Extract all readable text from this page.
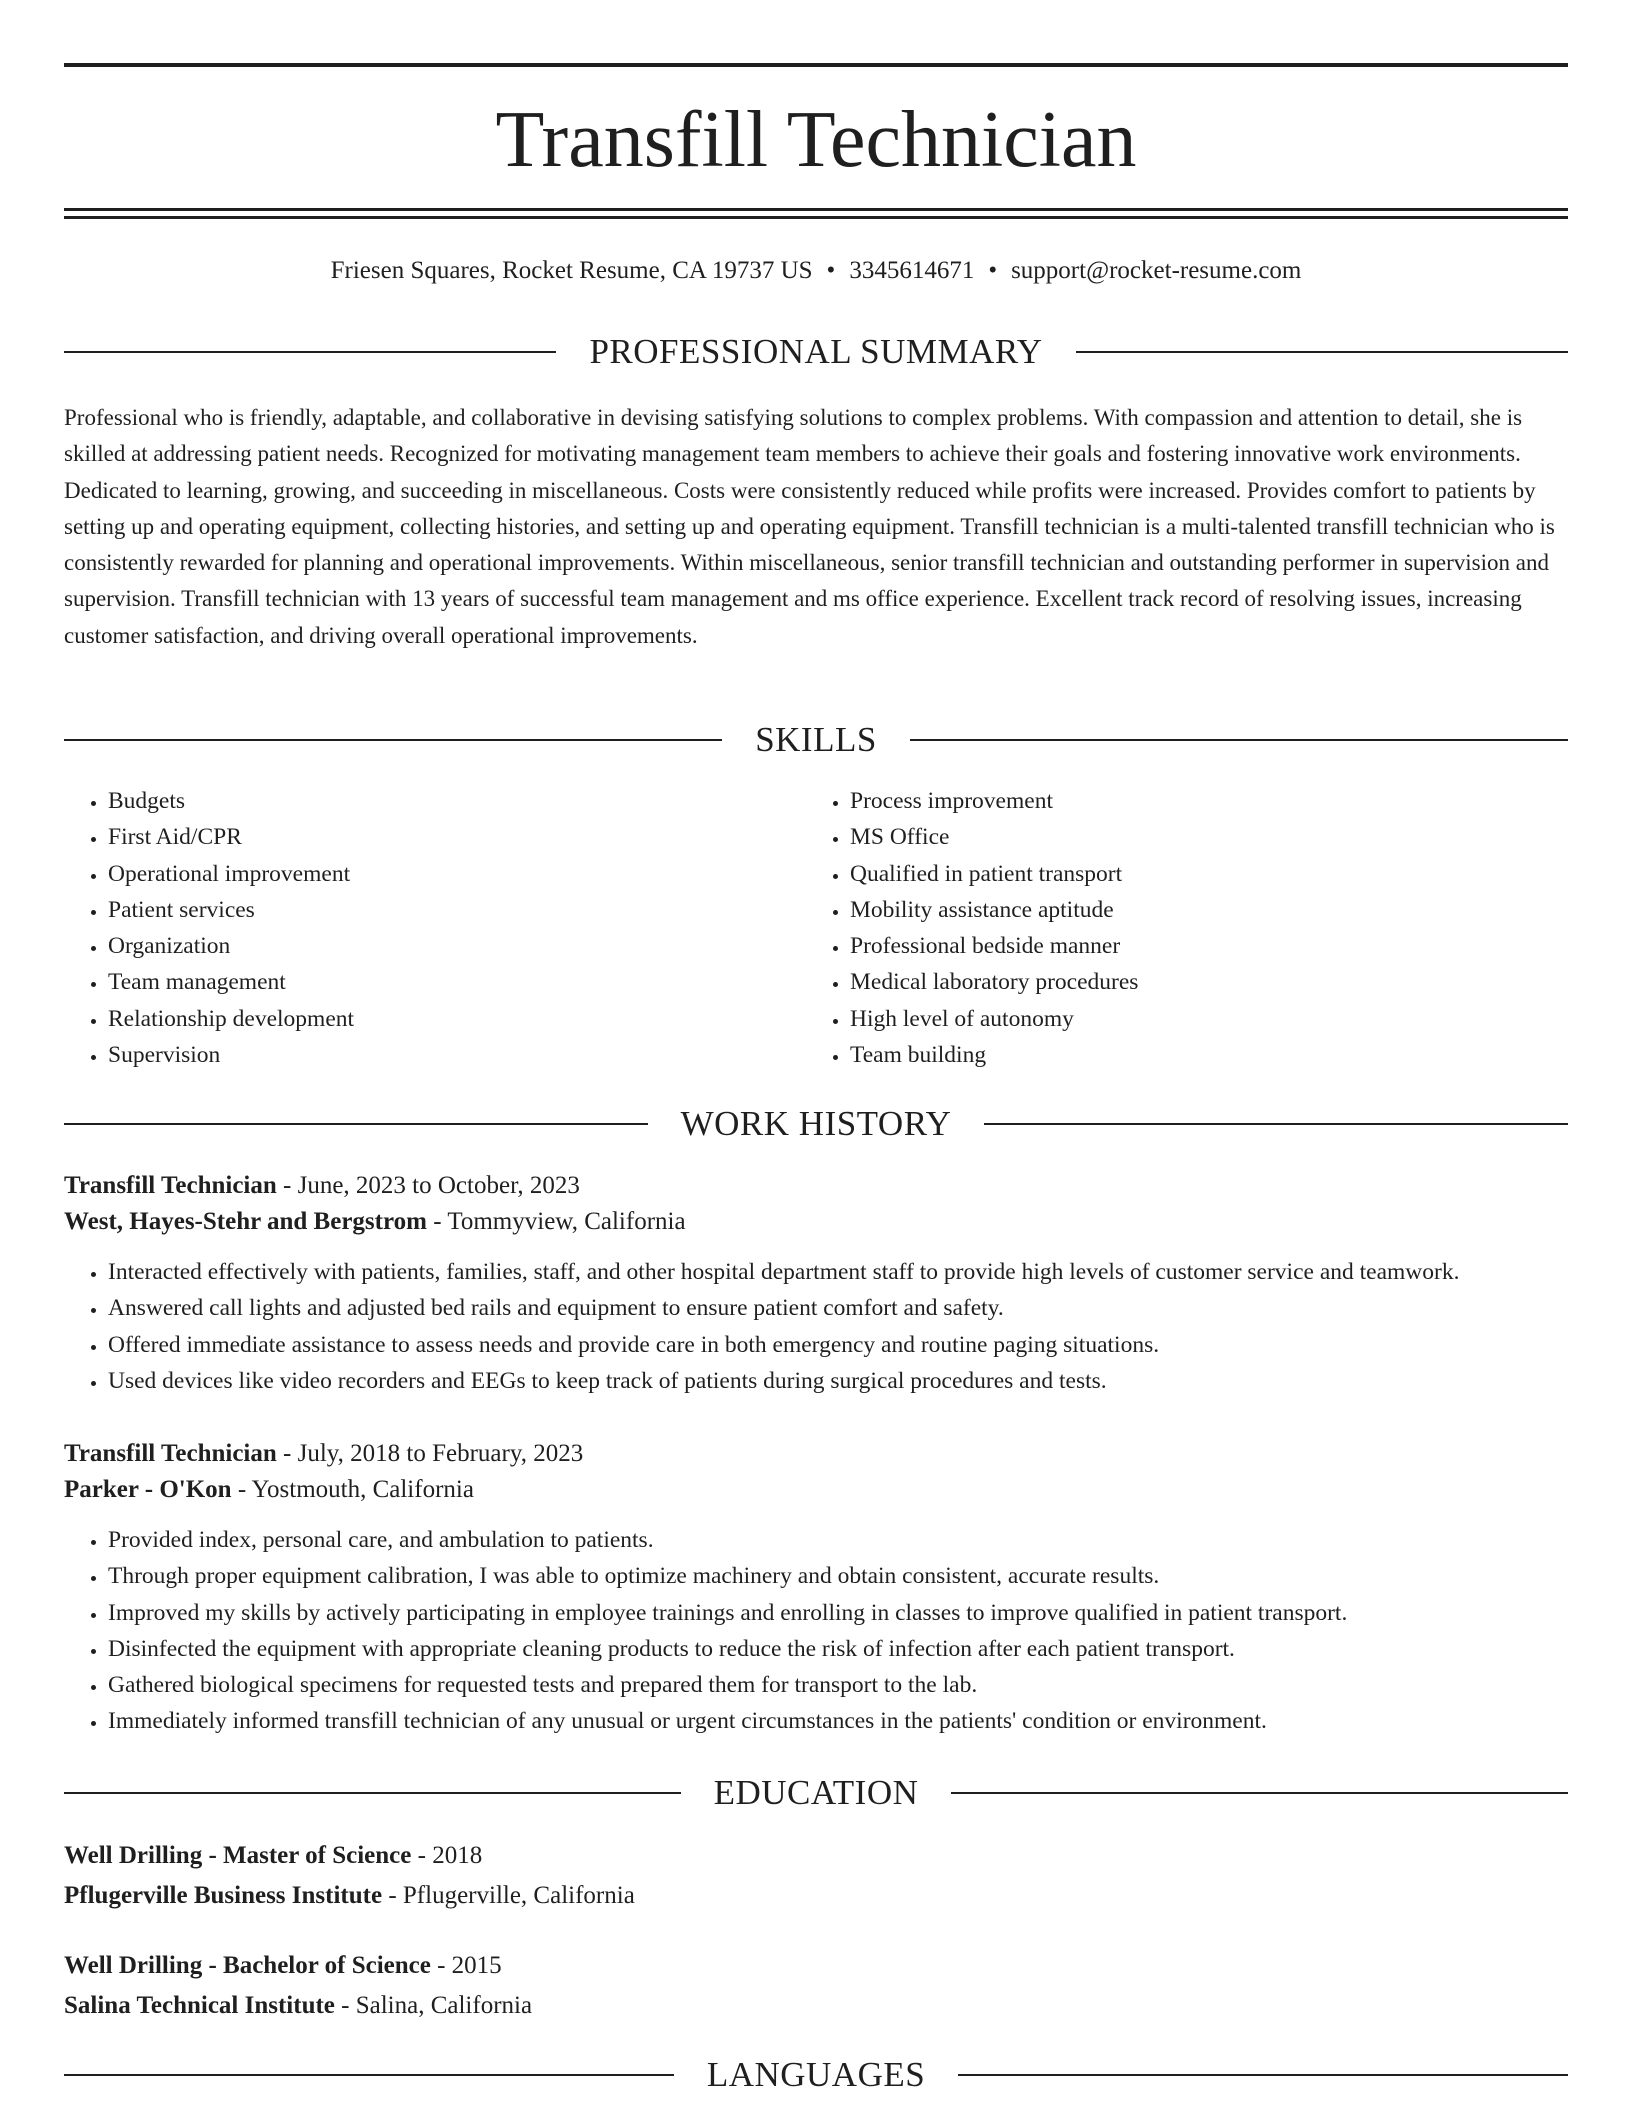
Transfill Technician
Friesen Squares, Rocket Resume, CA 19737 US • 3345614671 • support@rocket-resume.com
PROFESSIONAL SUMMARY
Professional who is friendly, adaptable, and collaborative in devising satisfying solutions to complex problems. With compassion and attention to detail, she is skilled at addressing patient needs. Recognized for motivating management team members to achieve their goals and fostering innovative work environments. Dedicated to learning, growing, and succeeding in miscellaneous. Costs were consistently reduced while profits were increased. Provides comfort to patients by setting up and operating equipment, collecting histories, and setting up and operating equipment. Transfill technician is a multi-talented transfill technician who is consistently rewarded for planning and operational improvements. Within miscellaneous, senior transfill technician and outstanding performer in supervision and supervision. Transfill technician with 13 years of successful team management and ms office experience. Excellent track record of resolving issues, increasing customer satisfaction, and driving overall operational improvements.
SKILLS
• Budgets
• First Aid/CPR
• Operational improvement
• Patient services
• Organization
• Team management
• Relationship development
• Supervision
• Process improvement
• MS Office
• Qualified in patient transport
• Mobility assistance aptitude
• Professional bedside manner
• Medical laboratory procedures
• High level of autonomy
• Team building
WORK HISTORY
Transfill Technician - June, 2023 to October, 2023
West, Hayes-Stehr and Bergstrom - Tommyview, California
• Interacted effectively with patients, families, staff, and other hospital department staff to provide high levels of customer service and teamwork.
• Answered call lights and adjusted bed rails and equipment to ensure patient comfort and safety.
• Offered immediate assistance to assess needs and provide care in both emergency and routine paging situations.
• Used devices like video recorders and EEGs to keep track of patients during surgical procedures and tests.
Transfill Technician - July, 2018 to February, 2023
Parker - O'Kon - Yostmouth, California
• Provided index, personal care, and ambulation to patients.
• Through proper equipment calibration, I was able to optimize machinery and obtain consistent, accurate results.
• Improved my skills by actively participating in employee trainings and enrolling in classes to improve qualified in patient transport.
• Disinfected the equipment with appropriate cleaning products to reduce the risk of infection after each patient transport.
• Gathered biological specimens for requested tests and prepared them for transport to the lab.
• Immediately informed transfill technician of any unusual or urgent circumstances in the patients' condition or environment.
EDUCATION
Well Drilling - Master of Science - 2018
Pflugerville Business Institute - Pflugerville, California
Well Drilling - Bachelor of Science - 2015
Salina Technical Institute - Salina, California
LANGUAGES
